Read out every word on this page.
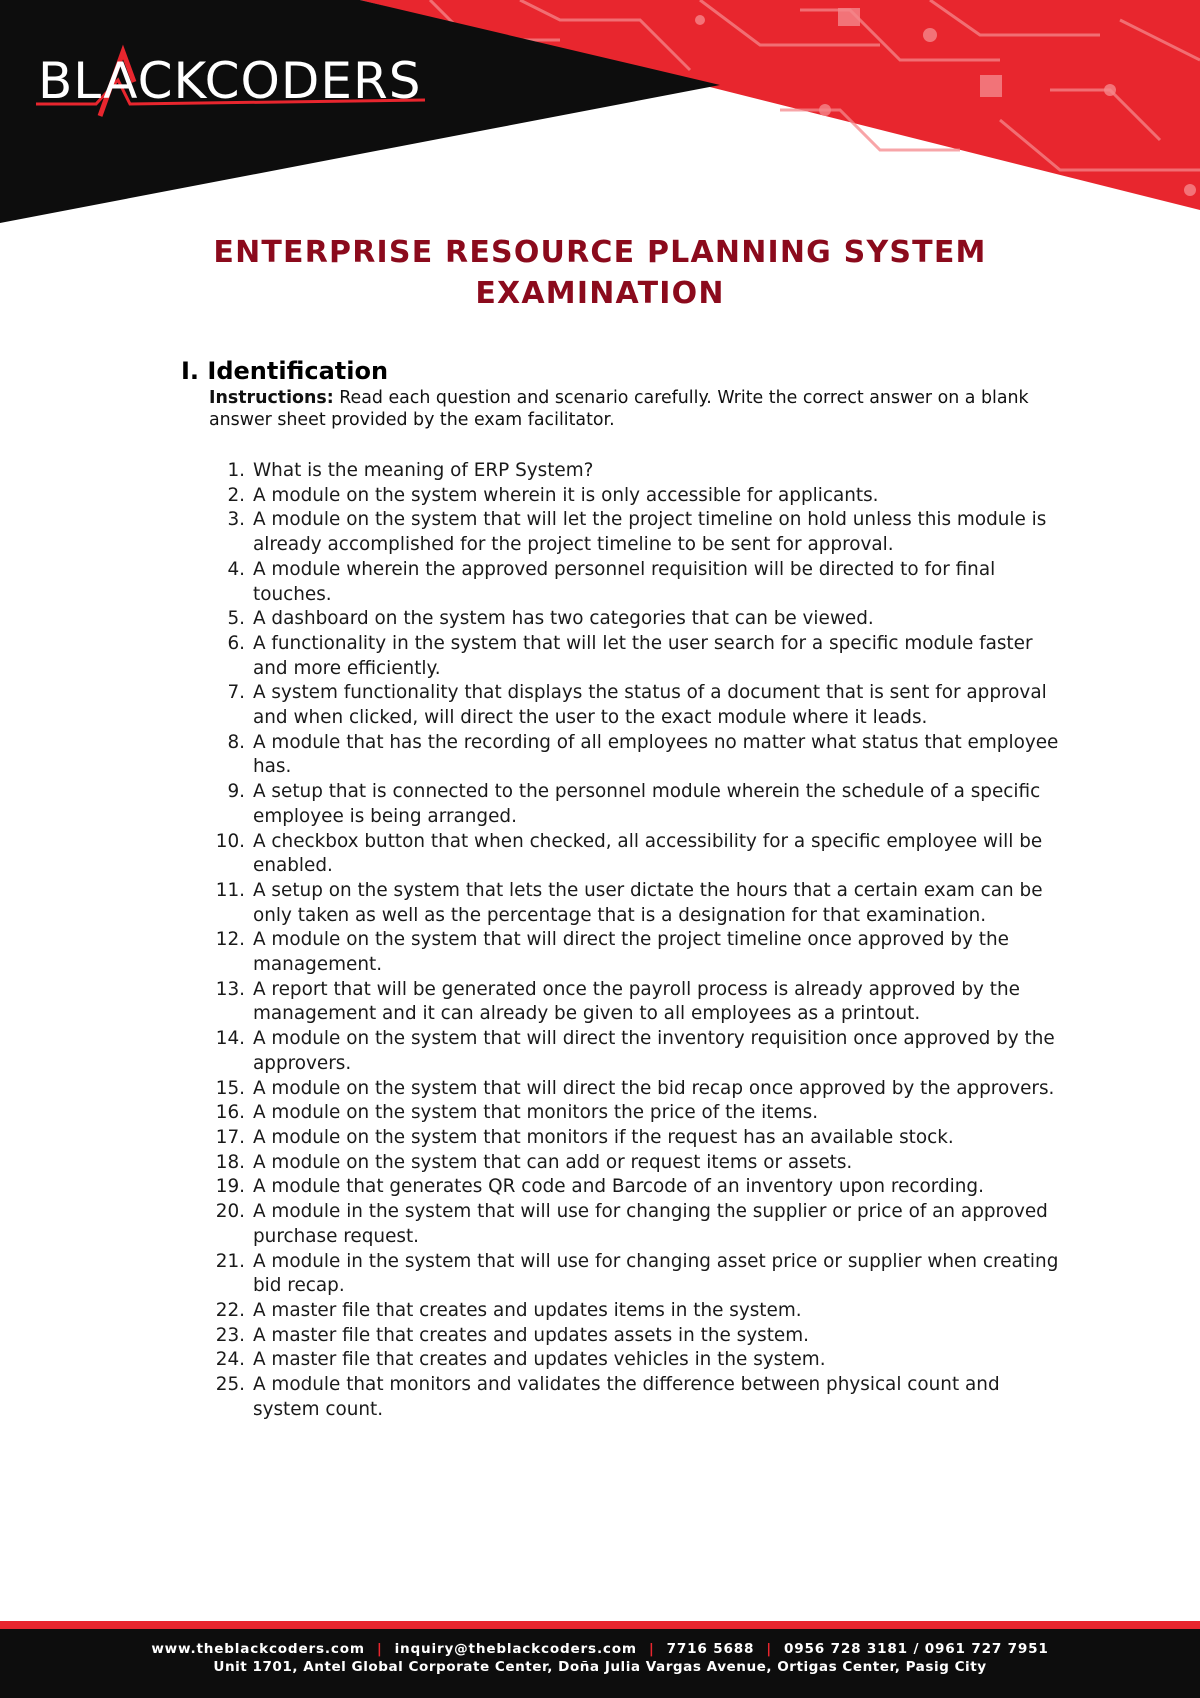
BLACKCODERS
ENTERPRISE RESOURCE PLANNING SYSTEM
EXAMINATION
I. Identification
Instructions: Read each question and scenario carefully. Write the correct answer on a blank answer sheet provided by the exam facilitator.
1. What is the meaning of ERP System?
2. A module on the system wherein it is only accessible for applicants.
3. A module on the system that will let the project timeline on hold unless this module is already accomplished for the project timeline to be sent for approval.
4. A module wherein the approved personnel requisition will be directed to for final touches.
5. A dashboard on the system has two categories that can be viewed.
6. A functionality in the system that will let the user search for a specific module faster and more efficiently.
7. A system functionality that displays the status of a document that is sent for approval and when clicked, will direct the user to the exact module where it leads.
8. A module that has the recording of all employees no matter what status that employee has.
9. A setup that is connected to the personnel module wherein the schedule of a specific employee is being arranged.
10. A checkbox button that when checked, all accessibility for a specific employee will be enabled.
11. A setup on the system that lets the user dictate the hours that a certain exam can be only taken as well as the percentage that is a designation for that examination.
12. A module on the system that will direct the project timeline once approved by the management.
13. A report that will be generated once the payroll process is already approved by the management and it can already be given to all employees as a printout.
14. A module on the system that will direct the inventory requisition once approved by the approvers.
15. A module on the system that will direct the bid recap once approved by the approvers.
16. A module on the system that monitors the price of the items.
17. A module on the system that monitors if the request has an available stock.
18. A module on the system that can add or request items or assets.
19. A module that generates QR code and Barcode of an inventory upon recording.
20. A module in the system that will use for changing the supplier or price of an approved purchase request.
21. A module in the system that will use for changing asset price or supplier when creating bid recap.
22. A master file that creates and updates items in the system.
23. A master file that creates and updates assets in the system.
24. A master file that creates and updates vehicles in the system.
25. A module that monitors and validates the difference between physical count and system count.
www.theblackcoders.com | inquiry@theblackcoders.com | 7716 5688 | 0956 728 3181 / 0961 727 7951
Unit 1701, Antel Global Corporate Center, Doña Julia Vargas Avenue, Ortigas Center, Pasig City
